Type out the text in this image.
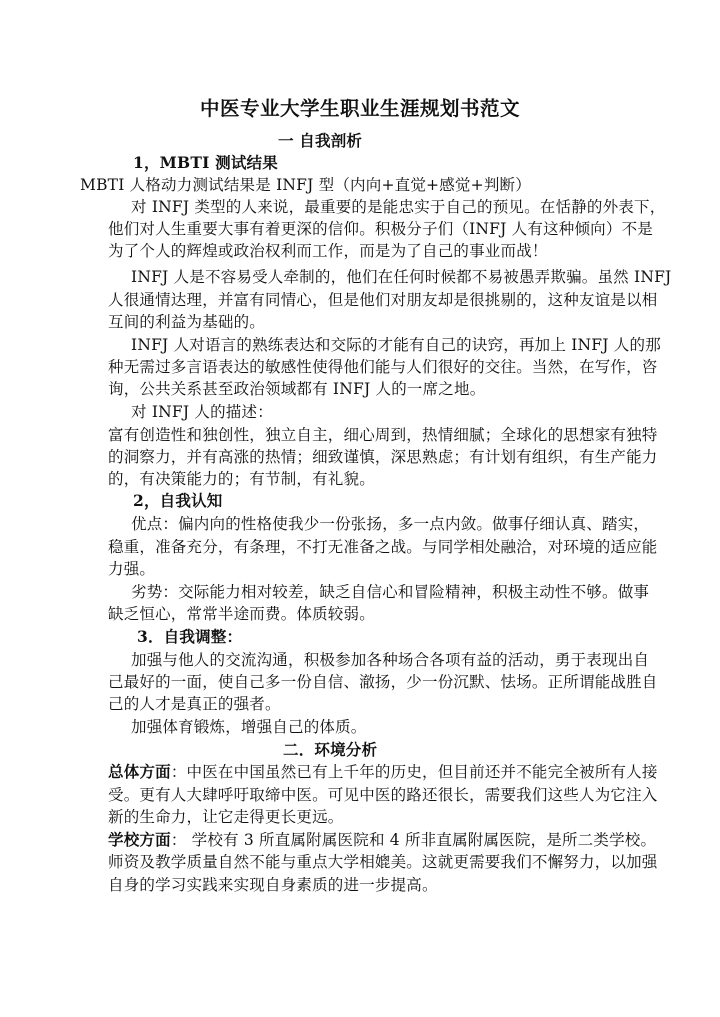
中医专业大学生职业生涯规划书范文
一 自我剖析
1，MBTI 测试结果
MBTI 人格动力测试结果是 INFJ 型（内向+直觉+感觉+判断）
对 INFJ 类型的人来说，最重要的是能忠实于自己的预见。在恬静的外表下，
他们对人生重要大事有着更深的信仰。积极分子们（INFJ 人有这种倾向）不是
为了个人的辉煌或政治权利而工作，而是为了自己的事业而战！
INFJ 人是不容易受人牵制的，他们在任何时候都不易被愚弄欺骗。虽然 INFJ
人很通情达理，并富有同情心，但是他们对朋友却是很挑剔的，这种友谊是以相
互间的利益为基础的。
INFJ 人对语言的熟练表达和交际的才能有自己的诀窍，再加上 INFJ 人的那
种无需过多言语表达的敏感性使得他们能与人们很好的交往。当然，在写作，咨
询，公共关系甚至政治领域都有 INFJ 人的一席之地。
对 INFJ 人的描述：
富有创造性和独创性，独立自主，细心周到，热情细腻；全球化的思想家有独特
的洞察力，并有高涨的热情；细致谨慎，深思熟虑；有计划有组织，有生产能力
的，有决策能力的；有节制，有礼貌。
2，自我认知
优点：偏内向的性格使我少一份张扬，多一点内敛。做事仔细认真、踏实，
稳重，准备充分，有条理，不打无准备之战。与同学相处融洽，对环境的适应能
力强。
劣势：交际能力相对较差，缺乏自信心和冒险精神，积极主动性不够。做事
缺乏恒心，常常半途而费。体质较弱。
3．自我调整：
加强与他人的交流沟通，积极参加各种场合各项有益的活动，勇于表现出自
己最好的一面，使自己多一份自信、澈扬，少一份沉默、怯场。正所谓能战胜自
己的人才是真正的强者。
加强体育锻炼，增强自己的体质。
二．环境分析
总体方面：中医在中国虽然已有上千年的历史，但目前还并不能完全被所有人接
受。更有人大肆呼吁取缔中医。可见中医的路还很长，需要我们这些人为它注入
新的生命力，让它走得更长更远。
学校方面： 学校有 3 所直属附属医院和 4 所非直属附属医院，是所二类学校。
师资及教学质量自然不能与重点大学相媲美。这就更需要我们不懈努力，以加强
自身的学习实践来实现自身素质的进一步提高。
